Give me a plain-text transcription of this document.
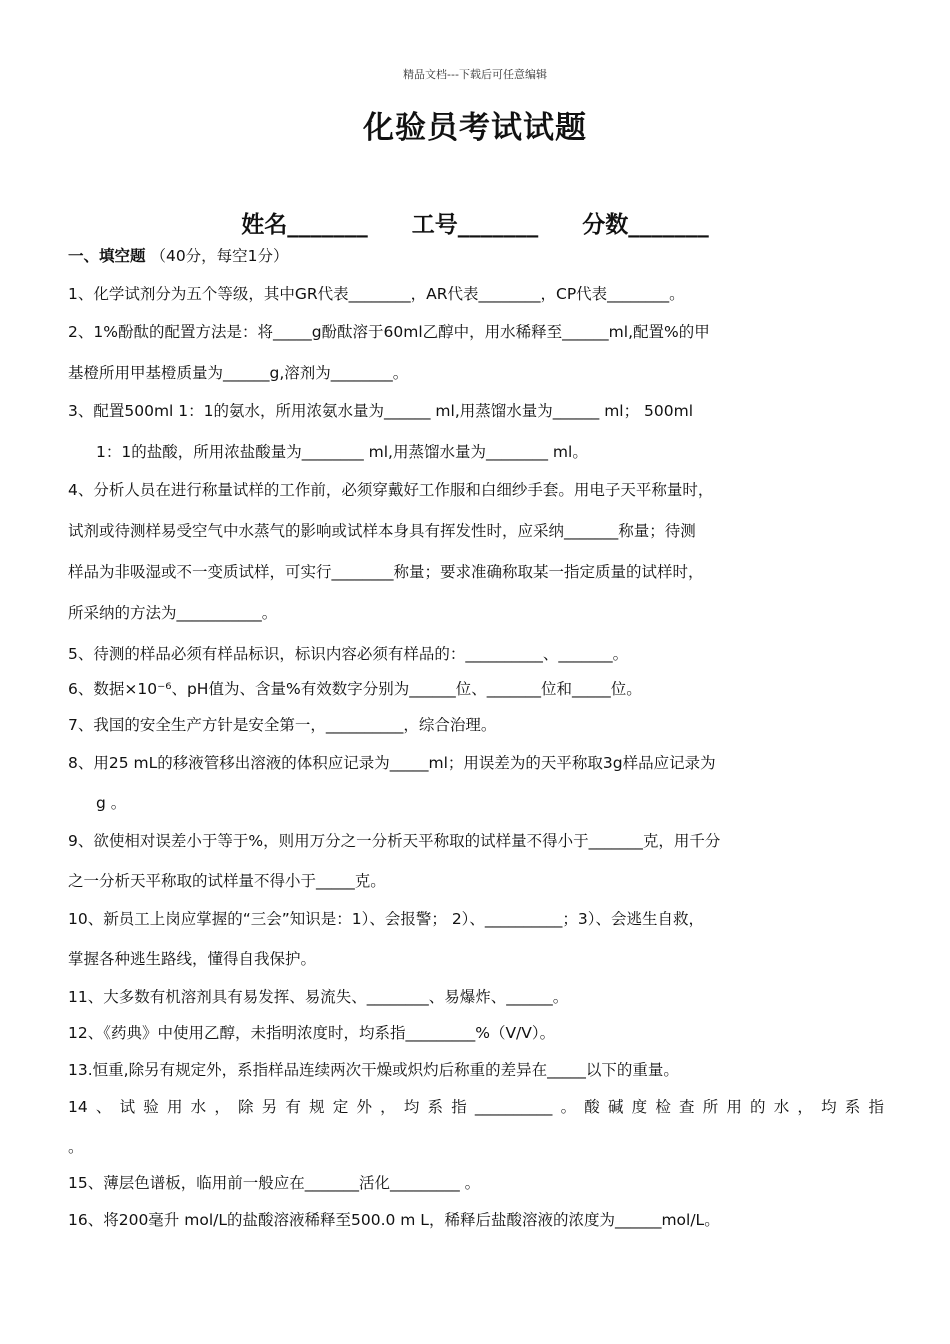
精品文档---下载后可任意编辑
化验员考试试题
姓名_______ 工号_______ 分数_______
一、填空题 （40分，每空1分）
1、化学试剂分为五个等级，其中GR代表________，AR代表________，CP代表________。
2、1%酚酞的配置方法是：将_____g酚酞溶于60ml乙醇中，用水稀释至______ml,配置%的甲
基橙所用甲基橙质量为______g,溶剂为________。
3、配置500ml 1：1的氨水，所用浓氨水量为______ ml,用蒸馏水量为______ ml； 500ml
1：1的盐酸，所用浓盐酸量为________ ml,用蒸馏水量为________ ml。
4、分析人员在进行称量试样的工作前，必须穿戴好工作服和白细纱手套。用电子天平称量时，
试剂或待测样易受空气中水蒸气的影响或试样本身具有挥发性时，应采纳_______称量；待测
样品为非吸湿或不一变质试样，可实行________称量；要求准确称取某一指定质量的试样时，
所采纳的方法为___________。
5、待测的样品必须有样品标识，标识内容必须有样品的：__________、_______。
6、数据×10⁻⁶、pH值为、含量%有效数字分别为______位、_______位和_____位。
7、我国的安全生产方针是安全第一，__________，综合治理。
8、用25 mL的移液管移出溶液的体积应记录为_____ml；用误差为的天平称取3g样品应记录为
g 。
9、欲使相对误差小于等于%，则用万分之一分析天平称取的试样量不得小于_______克，用千分
之一分析天平称取的试样量不得小于_____克。
10、新员工上岗应掌握的“三会”知识是：1）、会报警； 2）、__________；3）、会逃生自救，
掌握各种逃生路线，懂得自我保护。
11、大多数有机溶剂具有易发挥、易流失、________、易爆炸、______。
12、《药典》中使用乙醇，未指明浓度时，均系指_________%（V/V）。
13.恒重,除另有规定外，系指样品连续两次干燥或炽灼后称重的差异在_____以下的重量。
14、试验用水，除另有规定外，均系指__________。酸碱度检查所用的水，均系指
。
15、薄层色谱板，临用前一般应在_______活化_________ 。
16、将200毫升 mol/L的盐酸溶液稀释至500.0 m L，稀释后盐酸溶液的浓度为______mol/L。
